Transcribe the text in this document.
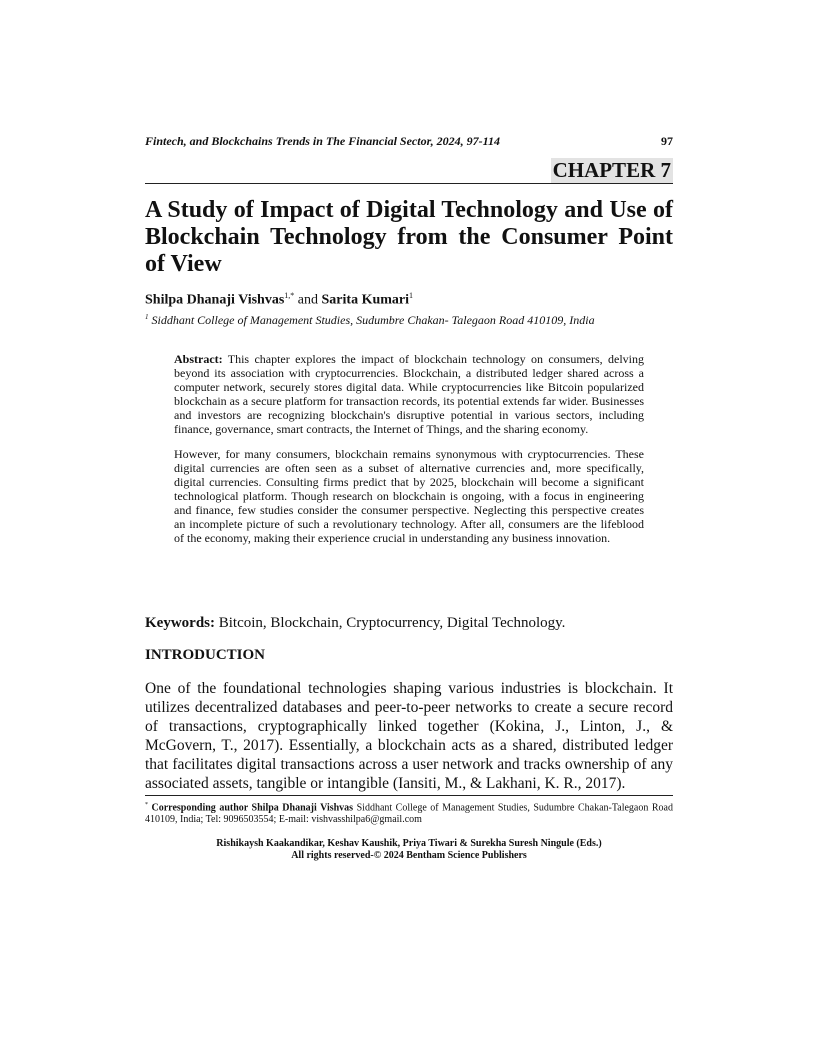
Fintech, and Blockchains Trends in The Financial Sector, 2024, 97-114	97
CHAPTER 7
A Study of Impact of Digital Technology and Use of Blockchain Technology from the Consumer Point of View
Shilpa Dhanaji Vishvas$^{1,*}$ and Sarita Kumari$^1$
$^1$ Siddhant College of Management Studies, Sudumbre Chakan- Talegaon Road 410109, India

Abstract: This chapter explores the impact of blockchain technology on consumers, delving beyond its association with cryptocurrencies. Blockchain, a distributed ledger shared across a computer network, securely stores digital data. While cryptocurrencies like Bitcoin popularized blockchain as a secure platform for transaction records, its potential extends far wider. Businesses and investors are recognizing blockchain's disruptive potential in various sectors, including finance, governance, smart contracts, the Internet of Things, and the sharing economy.

However, for many consumers, blockchain remains synonymous with cryptocurrencies. These digital currencies are often seen as a subset of alternative currencies and, more specifically, digital currencies. Consulting firms predict that by 2025, blockchain will become a significant technological platform. Though research on blockchain is ongoing, with a focus in engineering and finance, few studies consider the consumer perspective. Neglecting this perspective creates an incomplete picture of such a revolutionary technology. After all, consumers are the lifeblood of the economy, making their experience crucial in understanding any business innovation.

Keywords: Bitcoin, Blockchain, Cryptocurrency, Digital Technology.
INTRODUCTION

One of the foundational technologies shaping various industries is blockchain. It utilizes decentralized databases and peer-to-peer networks to create a secure record of transactions, cryptographically linked together (Kokina, J., Linton, J., & McGovern, T., 2017). Essentially, a blockchain acts as a shared, distributed ledger that facilitates digital transactions across a user network and tracks ownership of any associated assets, tangible or intangible (Iansiti, M., & Lakhani, K. R., 2017).

* Corresponding author Shilpa Dhanaji Vishvas Siddhant College of Management Studies, Sudumbre Chakan-Talegaon Road 410109, India; Tel: 9096503554; E-mail: vishvasshilpa6@gmail.com
Rishikaysh Kaakandikar, Keshav Kaushik, Priya Tiwari & Surekha Suresh Ningule (Eds.)
All rights reserved-© 2024 Bentham Science Publishers
